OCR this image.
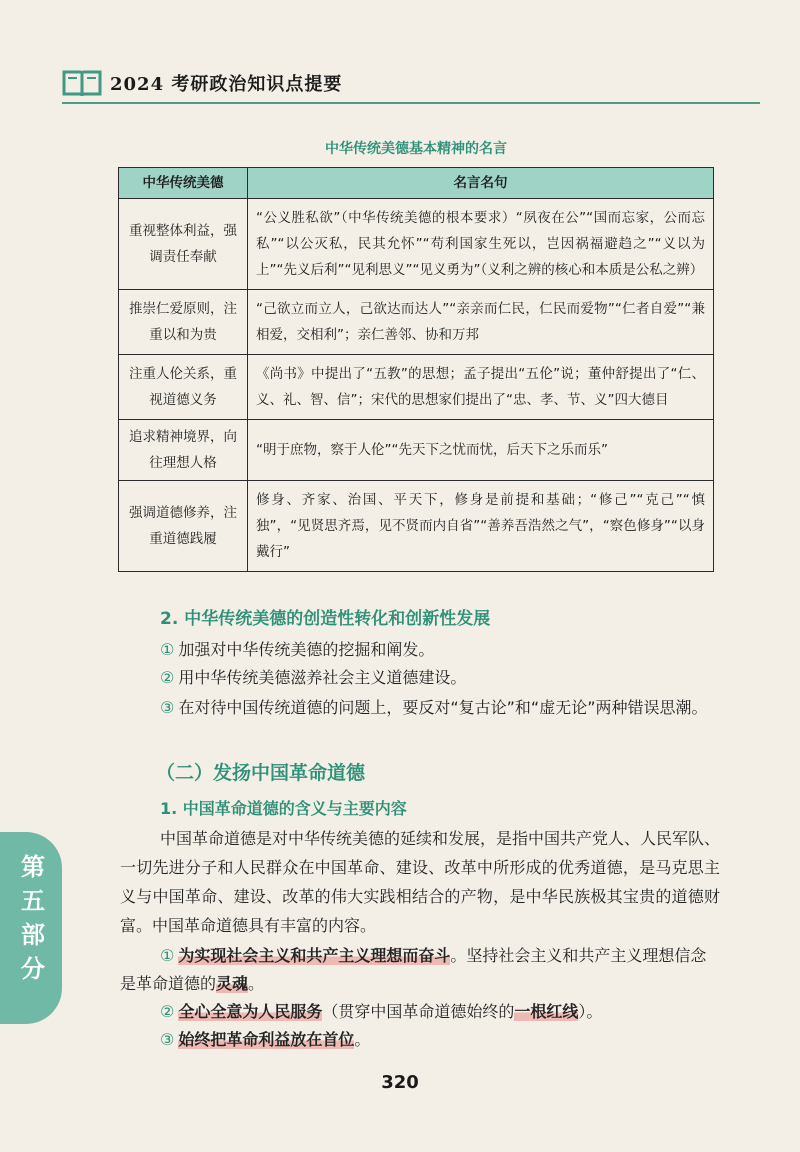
2024 考研政治知识点提要
中华传统美德基本精神的名言
中华传统美德	名言名句
重视整体利益，强调责任奉献	“公义胜私欲”（中华传统美德的根本要求）“夙夜在公”“国而忘家，公而忘私”“以公灭私，民其允怀”“苟利国家生死以，岂因祸福避趋之”“义以为上”“先义后利”“见利思义”“见义勇为”（义利之辨的核心和本质是公私之辨）
推崇仁爱原则，注重以和为贵	“己欲立而立人，己欲达而达人”“亲亲而仁民，仁民而爱物”“仁者自爱”“兼相爱，交相利”；亲仁善邻、协和万邦
注重人伦关系，重视道德义务	《尚书》中提出了“五教”的思想；孟子提出“五伦”说；董仲舒提出了“仁、义、礼、智、信”；宋代的思想家们提出了“忠、孝、节、义”四大德目
追求精神境界，向往理想人格	“明于庶物，察于人伦”“先天下之忧而忧，后天下之乐而乐”
强调道德修养，注重道德践履	修身、齐家、治国、平天下，修身是前提和基础；“修己”“克己”“慎独”，“见贤思齐焉，见不贤而内自省”“善养吾浩然之气”，“察色修身”“以身戴行”
2. 中华传统美德的创造性转化和创新性发展
① 加强对中华传统美德的挖掘和阐发。
② 用中华传统美德滋养社会主义道德建设。
③ 在对待中国传统道德的问题上，要反对“复古论”和“虚无论”两种错误思潮。
（二）发扬中国革命道德
1. 中国革命道德的含义与主要内容
中国革命道德是对中华传统美德的延续和发展，是指中国共产党人、人民军队、一切先进分子和人民群众在中国革命、建设、改革中所形成的优秀道德，是马克思主义与中国革命、建设、改革的伟大实践相结合的产物，是中华民族极其宝贵的道德财富。中国革命道德具有丰富的内容。
① 为实现社会主义和共产主义理想而奋斗。坚持社会主义和共产主义理想信念是革命道德的灵魂。
② 全心全意为人民服务（贯穿中国革命道德始终的一根红线）。
③ 始终把革命利益放在首位。
第五部分
320
